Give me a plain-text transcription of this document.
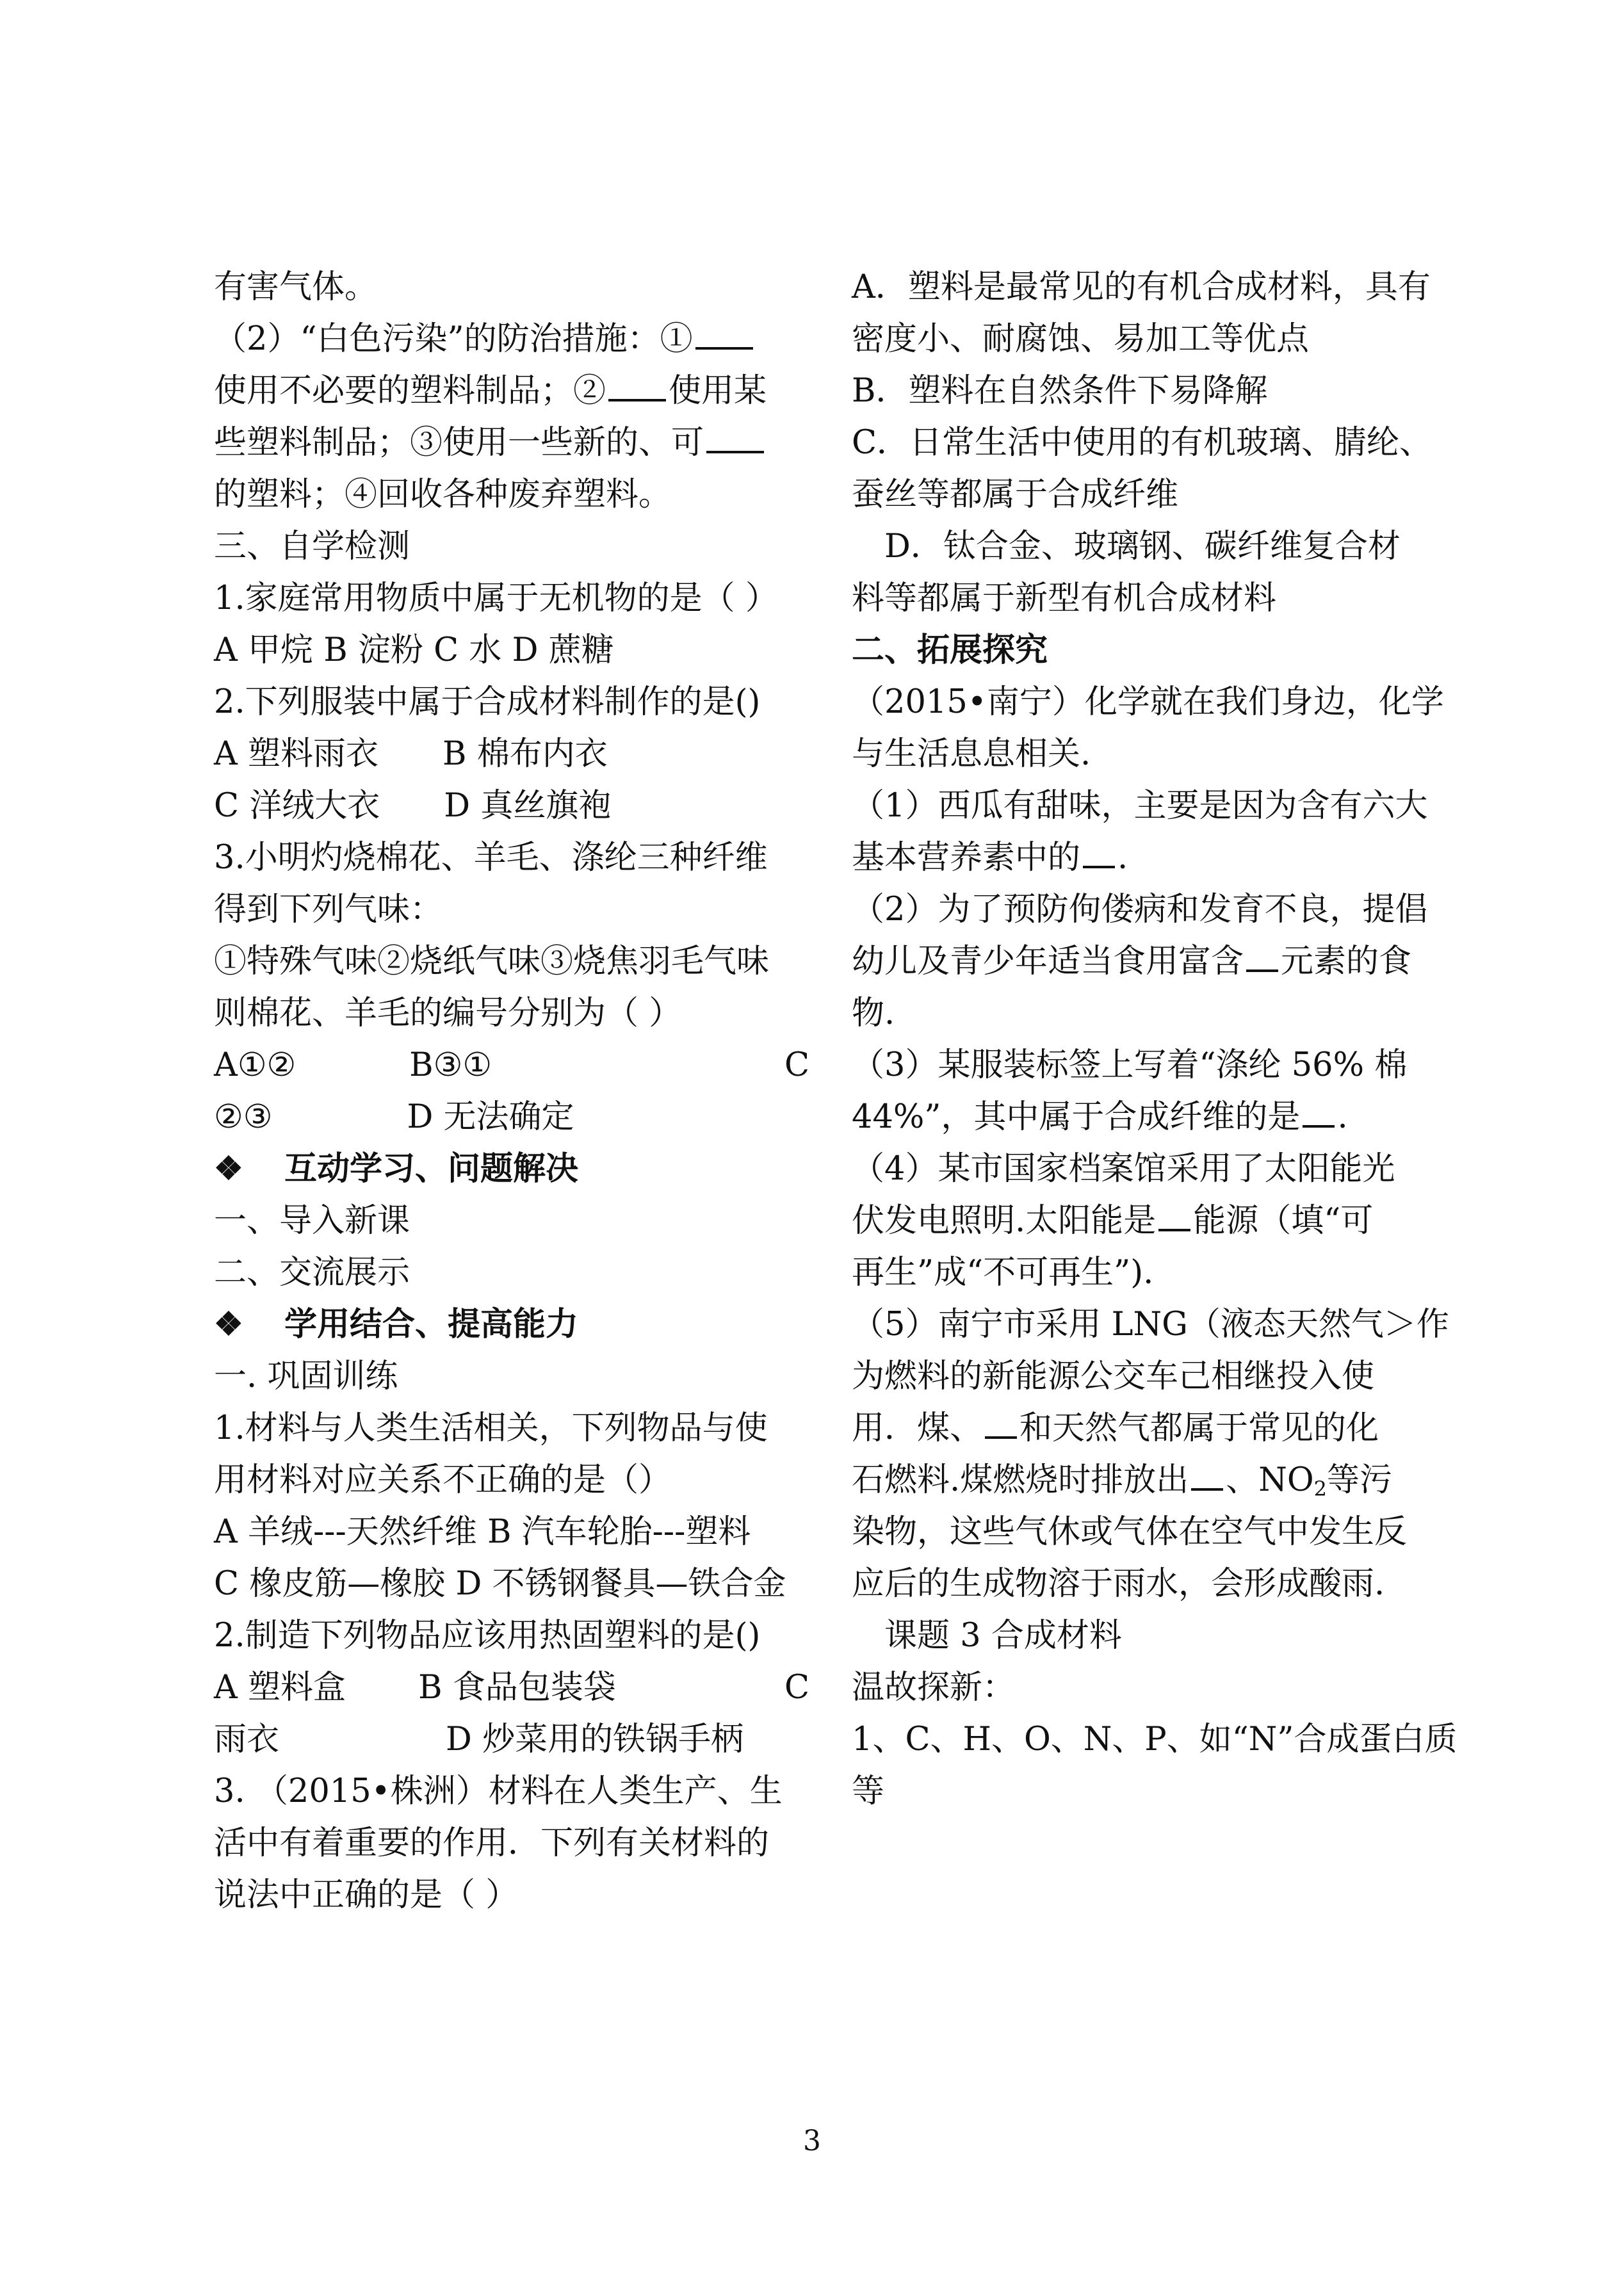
有害气体。
（2）“白色污染”的防治措施：①
使用不必要的塑料制品；② 使用某
些塑料制品；③使用一些新的、可
的塑料；④回收各种废弃塑料。
三、自学检测
1.家庭常用物质中属于无机物的是（ ）
A 甲烷 B 淀粉 C 水 D 蔗糖
2.下列服装中属于合成材料制作的是()
A 塑料雨衣 B 棉布内衣
C 洋绒大衣 D 真丝旗袍
3.小明灼烧棉花、羊毛、涤纶三种纤维
得到下列气味：
①特殊气味②烧纸气味③烧焦羽毛气味
则棉花、羊毛的编号分别为（ ）
A①②	B③①	C
②③	D 无法确定
❖ 互动学习、问题解决
一、导入新课
二、交流展示
❖ 学用结合、提高能力
一. 巩固训练
1.材料与人类生活相关，下列物品与使
用材料对应关系不正确的是（）
A 羊绒---天然纤维 B 汽车轮胎---塑料
C 橡皮筋—橡胶 D 不锈钢餐具—铁合金
2.制造下列物品应该用热固塑料的是()
A 塑料盒 B 食品包装袋	C
雨衣	D 炒菜用的铁锅手柄
3. （2015•株洲）材料在人类生产、生
活中有着重要的作用．下列有关材料的
说法中正确的是（ ）
A．塑料是最常见的有机合成材料，具有
密度小、耐腐蚀、易加工等优点
B．塑料在自然条件下易降解
C．日常生活中使用的有机玻璃、腈纶、
蚕丝等都属于合成纤维
D．钛合金、玻璃钢、碳纤维复合材
料等都属于新型有机合成材料
二、拓展探究
（2015•南宁）化学就在我们身边，化学
与生活息息相关.
（1）西瓜有甜味，主要是因为含有六大
基本营养素中的 .
（2）为了预防佝偻病和发育不良，提倡
幼儿及青少年适当食用富含 元素的食
物.
（3）某服装标签上写着“涤纶 56% 棉
44%”，其中属于合成纤维的是 .
（4）某市国家档案馆采用了太阳能光
伏发电照明.太阳能是 能源（填“可
再生”成“不可再生”).
（5）南宁市采用 LNG（液态天然气＞作
为燃料的新能源公交车己相继投入使
用．煤、 和天然气都属于常见的化
石燃料.煤燃烧时排放出 、$NO_2$等污
染物，这些气休或气体在空气中发生反
应后的生成物溶于雨水，会形成酸雨.
课题 3 合成材料
温故探新：
1、C、H、O、N、P、如“N”合成蛋白质
等
3
